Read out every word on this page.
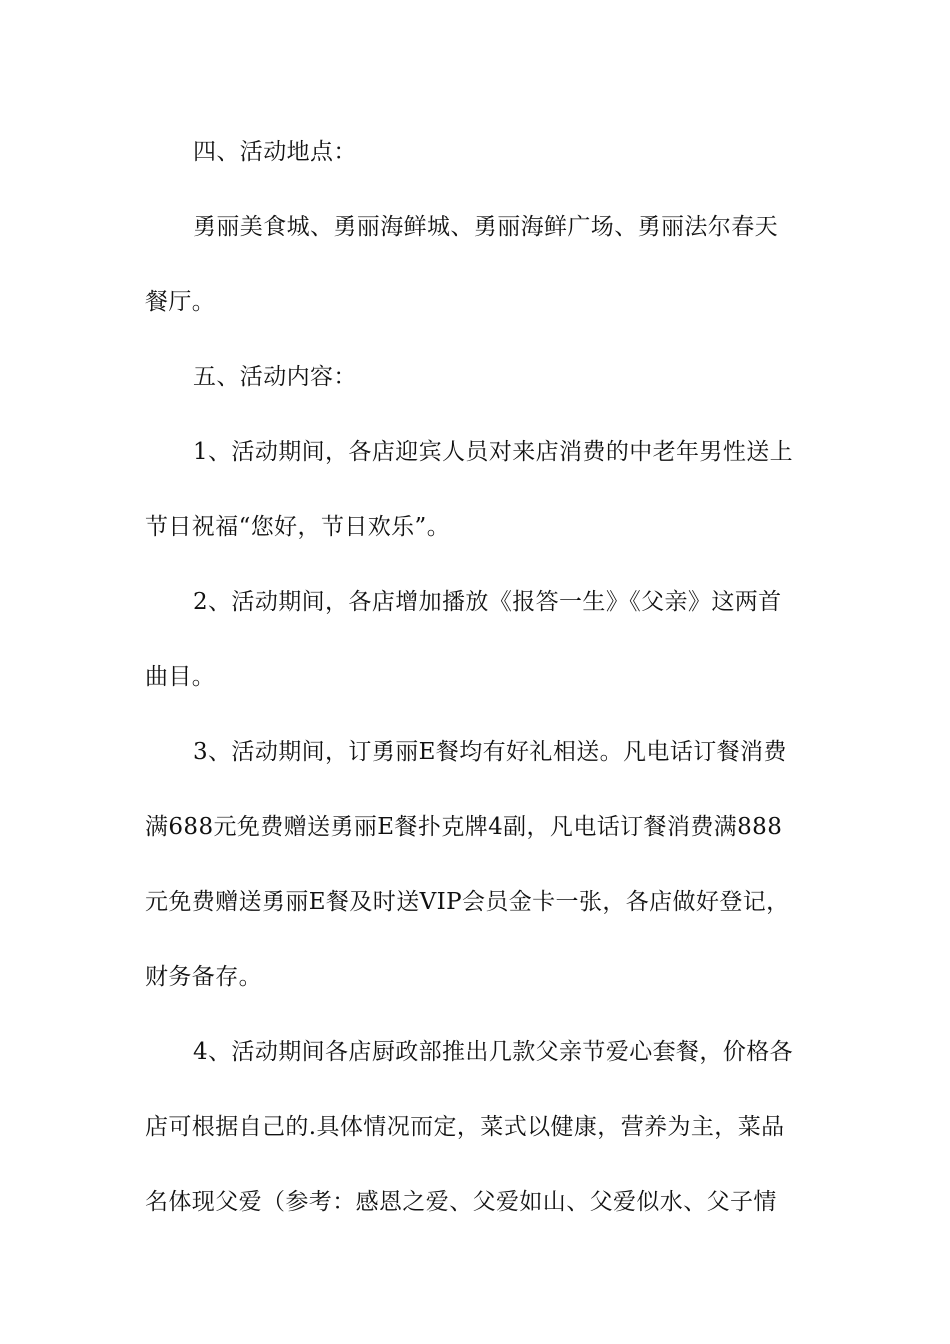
四、活动地点：
勇丽美食城、勇丽海鲜城、勇丽海鲜广场、勇丽法尔春天
餐厅。
五、活动内容：
1、活动期间，各店迎宾人员对来店消费的中老年男性送上
节日祝福“您好，节日欢乐”。
2、活动期间，各店增加播放《报答一生》《父亲》这两首
曲目。
3、活动期间，订勇丽E餐均有好礼相送。凡电话订餐消费
满688元免费赠送勇丽E餐扑克牌4副，凡电话订餐消费满888
元免费赠送勇丽E餐及时送VIP会员金卡一张，各店做好登记，
财务备存。
4、活动期间各店厨政部推出几款父亲节爱心套餐，价格各
店可根据自己的.具体情况而定，菜式以健康，营养为主，菜品
名体现父爱（参考：感恩之爱、父爱如山、父爱似水、父子情
